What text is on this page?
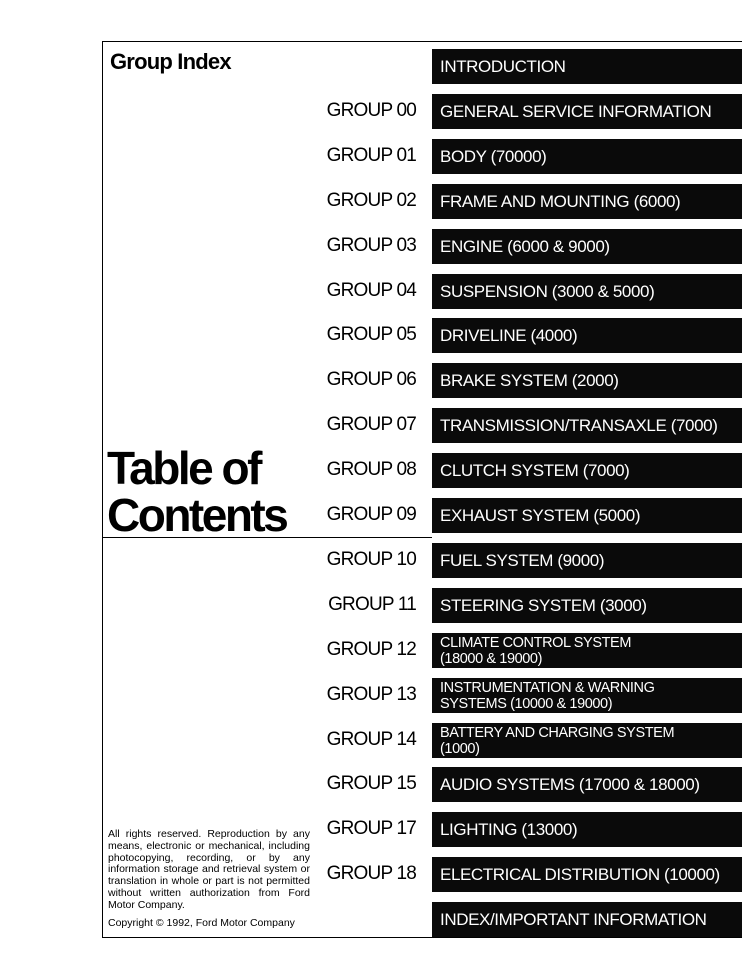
Group Index
Table of
Contents
INTRODUCTION
GROUP 00 GENERAL SERVICE INFORMATION
GROUP 01 BODY (70000)
GROUP 02 FRAME AND MOUNTING (6000)
GROUP 03 ENGINE (6000 & 9000)
GROUP 04 SUSPENSION (3000 & 5000)
GROUP 05 DRIVELINE (4000)
GROUP 06 BRAKE SYSTEM (2000)
GROUP 07 TRANSMISSION/TRANSAXLE (7000)
GROUP 08 CLUTCH SYSTEM (7000)
GROUP 09 EXHAUST SYSTEM (5000)
GROUP 10 FUEL SYSTEM (9000)
GROUP 11 STEERING SYSTEM (3000)
GROUP 12 CLIMATE CONTROL SYSTEM
(18000 & 19000)
GROUP 13 INSTRUMENTATION & WARNING
SYSTEMS (10000 & 19000)
GROUP 14 BATTERY AND CHARGING SYSTEM
(1000)
GROUP 15 AUDIO SYSTEMS (17000 & 18000)
GROUP 17 LIGHTING (13000)
GROUP 18 ELECTRICAL DISTRIBUTION (10000)
INDEX/IMPORTANT INFORMATION
All rights reserved. Reproduction by any means, electronic or mechanical, including photocopying, recording, or by any information storage and retrieval system or translation in whole or part is not permitted without written authorization from Ford Motor Company.
Copyright © 1992, Ford Motor Company
